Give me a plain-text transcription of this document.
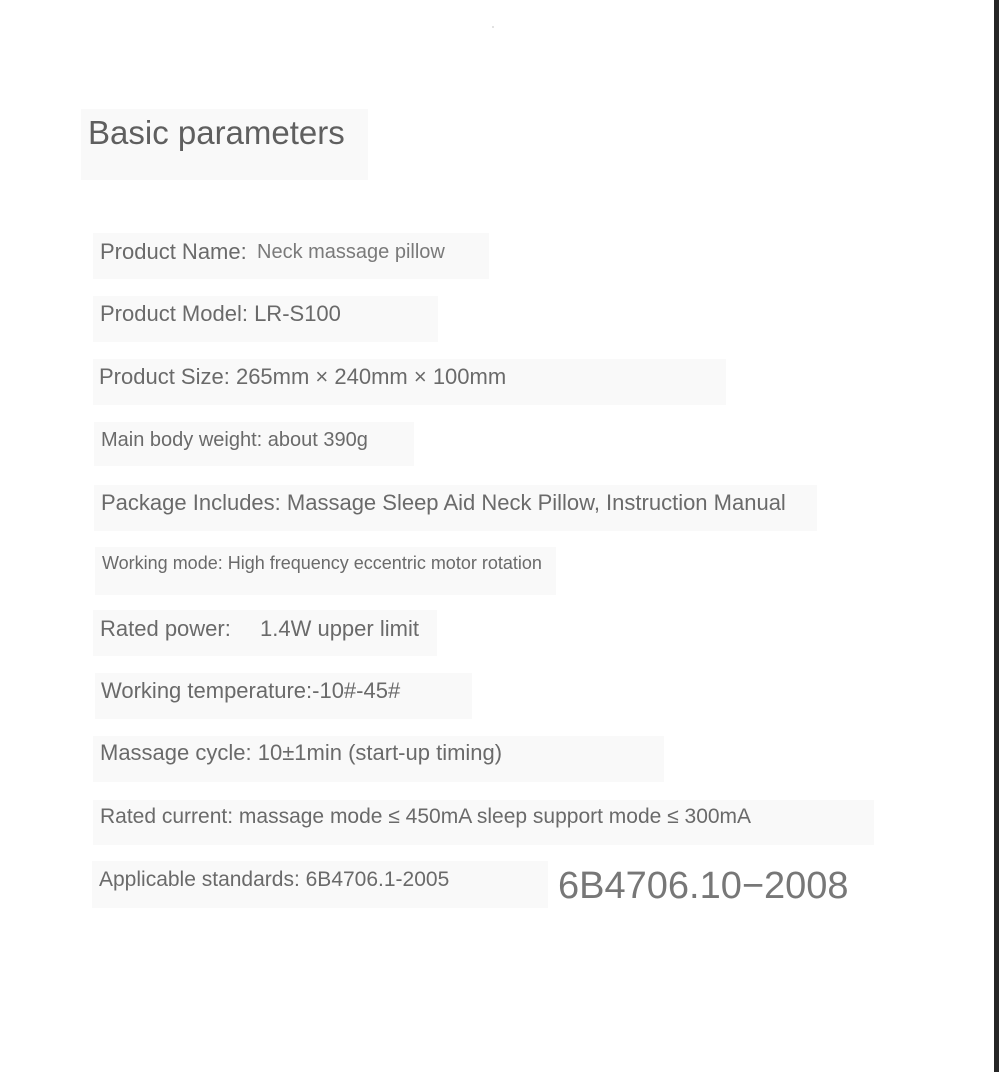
Basic parameters
Product Name: Neck massage pillow
Product Model: LR-S100
Product Size: 265mm × 240mm × 100mm
Main body weight: about 390g
Package Includes: Massage Sleep Aid Neck Pillow, Instruction Manual
Working mode: High frequency eccentric motor rotation
Rated power: 1.4W upper limit
Working temperature:-10#-45#
Massage cycle: 10±1min (start-up timing)
Rated current: massage mode ≤ 450mA sleep support mode ≤ 300mA
Applicable standards: 6B4706.1-2005	6B4706.10−2008
